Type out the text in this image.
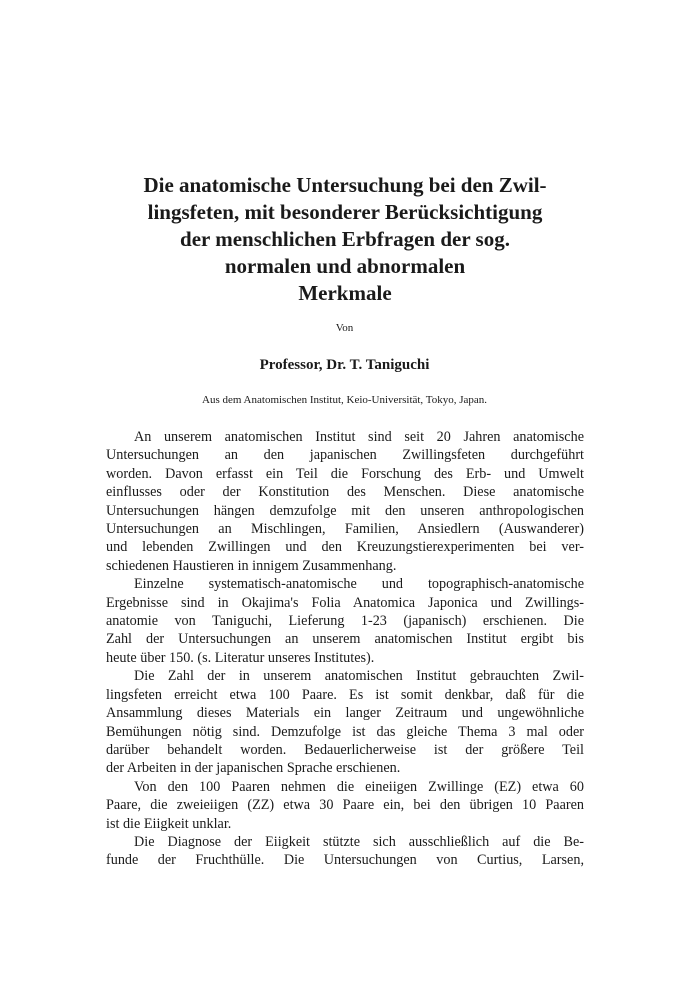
Die anatomische Untersuchung bei den Zwil-
lingsfeten, mit besonderer Berücksichtigung
der menschlichen Erbfragen der sog.
normalen und abnormalen
Merkmale
Von
Professor, Dr. T. Taniguchi
Aus dem Anatomischen Institut, Keio-Universität, Tokyo, Japan.
An unserem anatomischen Institut sind seit 20 Jahren anatomische
Untersuchungen an den japanischen Zwillingsfeten durchgeführt
worden. Davon erfasst ein Teil die Forschung des Erb- und Umwelt
einflusses oder der Konstitution des Menschen. Diese anatomische
Untersuchungen hängen demzufolge mit den unseren anthropologischen
Untersuchungen an Mischlingen, Familien, Ansiedlern (Auswanderer)
und lebenden Zwillingen und den Kreuzungstierexperimenten bei ver-
schiedenen Haustieren in innigem Zusammenhang.
Einzelne systematisch-anatomische und topographisch-anatomische
Ergebnisse sind in Okajima's Folia Anatomica Japonica und Zwillings-
anatomie von Taniguchi, Lieferung 1-23 (japanisch) erschienen. Die
Zahl der Untersuchungen an unserem anatomischen Institut ergibt bis
heute über 150. (s. Literatur unseres Institutes).
Die Zahl der in unserem anatomischen Institut gebrauchten Zwil-
lingsfeten erreicht etwa 100 Paare. Es ist somit denkbar, daß für die
Ansammlung dieses Materials ein langer Zeitraum und ungewöhnliche
Bemühungen nötig sind. Demzufolge ist das gleiche Thema 3 mal oder
darüber behandelt worden. Bedauerlicherweise ist der größere Teil
der Arbeiten in der japanischen Sprache erschienen.
Von den 100 Paaren nehmen die eineiigen Zwillinge (EZ) etwa 60
Paare, die zweieiigen (ZZ) etwa 30 Paare ein, bei den übrigen 10 Paaren
ist die Eiigkeit unklar.
Die Diagnose der Eiigkeit stützte sich ausschließlich auf die Be-
funde der Fruchthülle. Die Untersuchungen von Curtius, Larsen,
